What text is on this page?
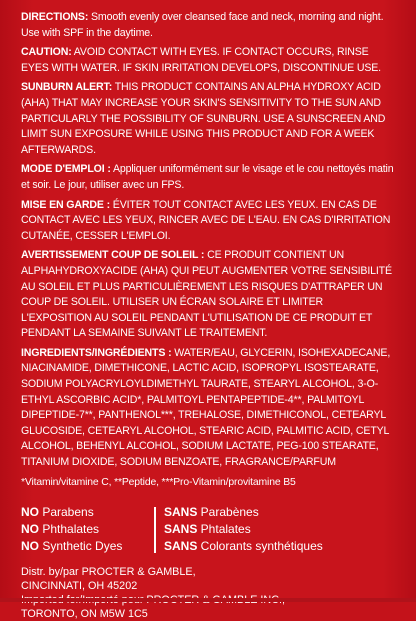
DIRECTIONS: Smooth evenly over cleansed face and neck, morning and night. Use with SPF in the daytime.

CAUTION: AVOID CONTACT WITH EYES. IF CONTACT OCCURS, RINSE EYES WITH WATER. IF SKIN IRRITATION DEVELOPS, DISCONTINUE USE.

SUNBURN ALERT: THIS PRODUCT CONTAINS AN ALPHA HYDROXY ACID (AHA) THAT MAY INCREASE YOUR SKIN'S SENSITIVITY TO THE SUN AND PARTICULARLY THE POSSIBILITY OF SUNBURN. USE A SUNSCREEN AND LIMIT SUN EXPOSURE WHILE USING THIS PRODUCT AND FOR A WEEK AFTERWARDS.

MODE D'EMPLOI : Appliquer uniformément sur le visage et le cou nettoyés matin et soir. Le jour, utiliser avec un FPS.

MISE EN GARDE : ÉVITER TOUT CONTACT AVEC LES YEUX. EN CAS DE CONTACT AVEC LES YEUX, RINCER AVEC DE L'EAU. EN CAS D'IRRITATION CUTANÉE, CESSER L'EMPLOI.

AVERTISSEMENT COUP DE SOLEIL : CE PRODUIT CONTIENT UN ALPHAHYDROXYACIDE (AHA) QUI PEUT AUGMENTER VOTRE SENSIBILITÉ AU SOLEIL ET PLUS PARTICULIÈREMENT LES RISQUES D'ATTRAPER UN COUP DE SOLEIL. UTILISER UN ÉCRAN SOLAIRE ET LIMITER L'EXPOSITION AU SOLEIL PENDANT L'UTILISATION DE CE PRODUIT ET PENDANT LA SEMAINE SUIVANT LE TRAITEMENT.

INGREDIENTS/INGRÉDIENTS : WATER/EAU, GLYCERIN, ISOHEXADECANE, NIACINAMIDE, DIMETHICONE, LACTIC ACID, ISOPROPYL ISOSTEARATE, SODIUM POLYACRYLOYLDIMETHYL TAURATE, STEARYL ALCOHOL, 3-O-ETHYL ASCORBIC ACID*, PALMITOYL PENTAPEPTIDE-4**, PALMITOYL DIPEPTIDE-7**, PANTHENOL***, TREHALOSE, DIMETHICONOL, CETEARYL GLUCOSIDE, CETEARYL ALCOHOL, STEARIC ACID, PALMITIC ACID, CETYL ALCOHOL, BEHENYL ALCOHOL, SODIUM LACTATE, PEG-100 STEARATE, TITANIUM DIOXIDE, SODIUM BENZOATE, FRAGRANCE/PARFUM

*Vitamin/vitamine C, **Peptide, ***Pro-Vitamin/provitamine B5

NO Parabens
NO Phthalates
NO Synthetic Dyes
SANS Parabènes
SANS Phtalates
SANS Colorants synthétiques
Distr. by/par PROCTER & GAMBLE,
CINCINNATI, OH 45202
TORONTO, ON M5W 1C5
